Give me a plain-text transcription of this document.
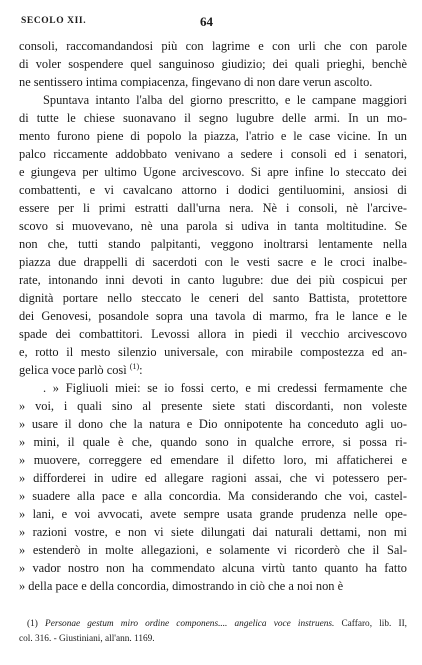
SECOLO XII.	64
consoli, raccomandandosi più con lagrime e con urli che con parole
di voler sospendere quel sanguinoso giudizio; dei quali prieghi, benchè
ne sentissero intima compiacenza, fingevano di non dare verun ascolto.
Spuntava intanto l'alba del giorno prescritto, e le campane maggiori
di tutte le chiese suonavano il segno lugubre delle armi. In un mo-
mento furono piene di popolo la piazza, l'atrio e le case vicine. In un
palco riccamente addobbato venivano a sedere i consoli ed i senatori,
e giungeva per ultimo Ugone arcivescovo. Si apre infine lo steccato dei
combattenti, e vi cavalcano attorno i dodici gentiluomini, ansiosi di
essere per li primi estratti dall'urna nera. Nè i consoli, nè l'arcive-
scovo si muovevano, nè una parola si udiva in tanta moltitudine. Se
non che, tutti stando palpitanti, veggono inoltrarsi lentamente nella
piazza due drappelli di sacerdoti con le vesti sacre e le croci inalbe-
rate, intonando inni devoti in canto lugubre: due dei più cospicui per
dignità portare nello steccato le ceneri del santo Battista, protettore
dei Genovesi, posandole sopra una tavola di marmo, fra le lance e le
spade dei combattitori. Levossi allora in piedi il vecchio arcivescovo
e, rotto il mesto silenzio universale, con mirabile compostezza ed an-
gelica voce parlò così $^{(1)}$:
. » Figliuoli miei: se io fossi certo, e mi credessi fermamente che
» voi, i quali sino al presente siete stati discordanti, non voleste
» usare il dono che la natura e Dio onnipotente ha conceduto agli uo-
» mini, il quale è che, quando sono in qualche errore, si possa ri-
» muovere, correggere ed emendare il difetto loro, mi affaticherei e
» difforderei in udire ed allegare ragioni assai, che vi potessero per-
» suadere alla pace e alla concordia. Ma considerando che voi, castel-
» lani, e voi avvocati, avete sempre usata grande prudenza nelle ope-
» razioni vostre, e non vi siete dilungati dai naturali dettami, non mi
» estenderò in molte allegazioni, e solamente vi ricorderò che il Sal-
» vador nostro non ha commendato alcuna virtù tanto quanto ha fatto
» della pace e della concordia, dimostrando in ciò che a noi non è
(1) Personae gestum miro ordine componens.... angelica voce instruens. Caffaro, lib. II,
col. 316. - Giustiniani, all'ann. 1169.
